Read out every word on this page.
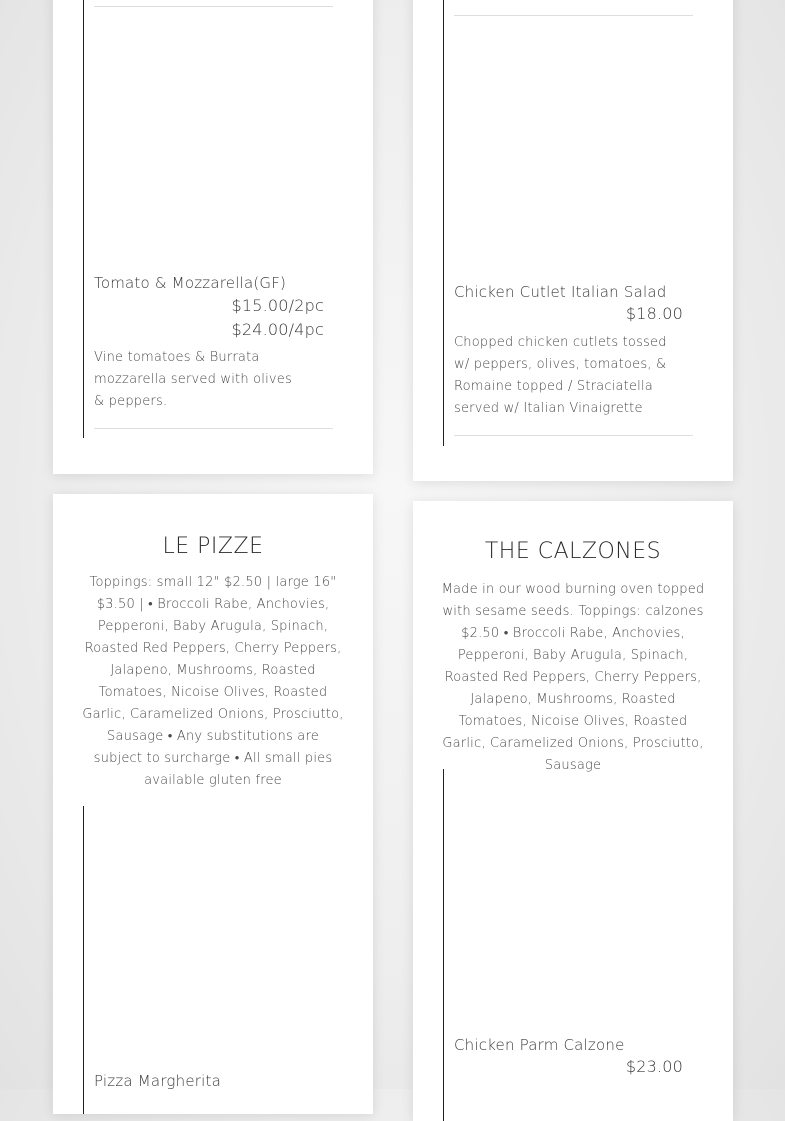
Tomato & Mozzarella(GF)
$15.00/2pc
$24.00/4pc
Vine tomatoes & Burrata mozzarella served with olives & peppers.
Chicken Cutlet Italian Salad
$18.00
Chopped chicken cutlets tossed w/ peppers, olives, tomatoes, & Romaine topped / Straciatella served w/ Italian Vinaigrette
LE PIZZE
Toppings: small 12" $2.50 | large 16" $3.50 | • Broccoli Rabe, Anchovies, Pepperoni, Baby Arugula, Spinach, Roasted Red Peppers, Cherry Peppers, Jalapeno, Mushrooms, Roasted Tomatoes, Nicoise Olives, Roasted Garlic, Caramelized Onions, Prosciutto, Sausage • Any substitutions are subject to surcharge • All small pies available gluten free
Pizza Margherita
THE CALZONES
Made in our wood burning oven topped with sesame seeds. Toppings: calzones $2.50 • Broccoli Rabe, Anchovies, Pepperoni, Baby Arugula, Spinach, Roasted Red Peppers, Cherry Peppers, Jalapeno, Mushrooms, Roasted Tomatoes, Nicoise Olives, Roasted Garlic, Caramelized Onions, Prosciutto, Sausage
Chicken Parm Calzone
$23.00
